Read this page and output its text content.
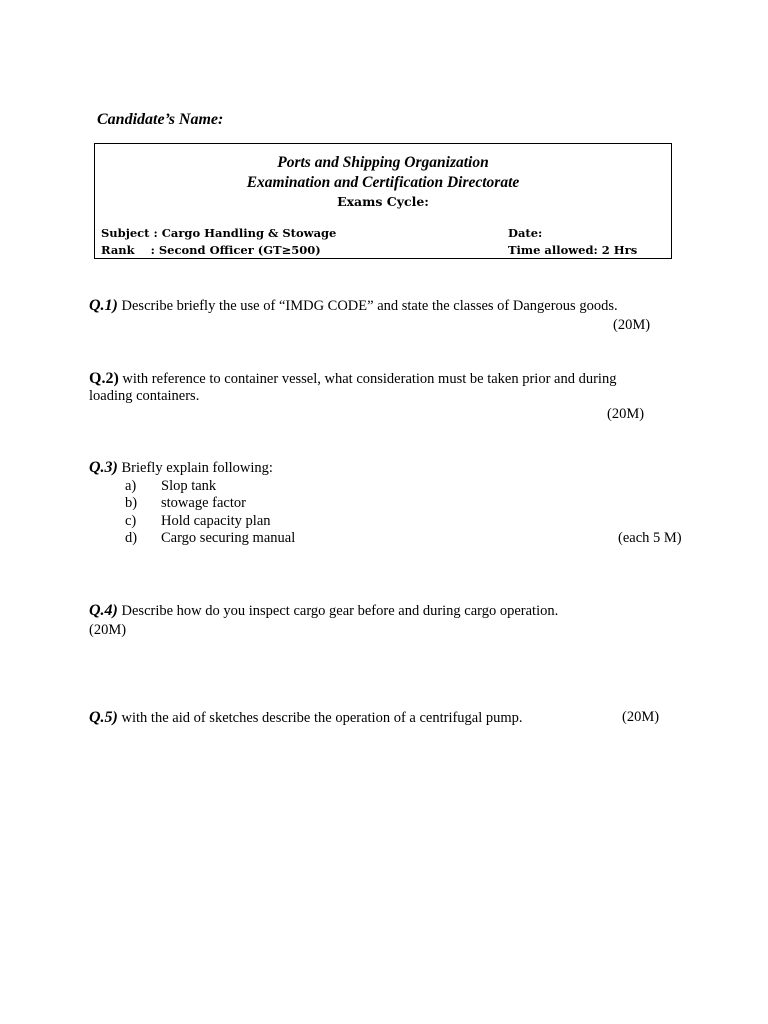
Candidate’s Name:
Ports and Shipping Organization
Examination and Certification Directorate
Exams Cycle:
Subject : Cargo Handling & Stowage
Rank    : Second Officer (GT≥500)
Date:
Time allowed: 2 Hrs
Q.1) Describe briefly the use of “IMDG CODE” and state the classes of Dangerous goods.
(20M)
Q.2) with reference to container vessel, what consideration must be taken prior and during
loading containers.
(20M)
Q.3) Briefly explain following:
a) Slop tank
b) stowage factor
c) Hold capacity plan
d) Cargo securing manual	(each 5 M)
Q.4) Describe how do you inspect cargo gear before and during cargo operation.
(20M)
Q.5) with the aid of sketches describe the operation of a centrifugal pump.	(20M)
